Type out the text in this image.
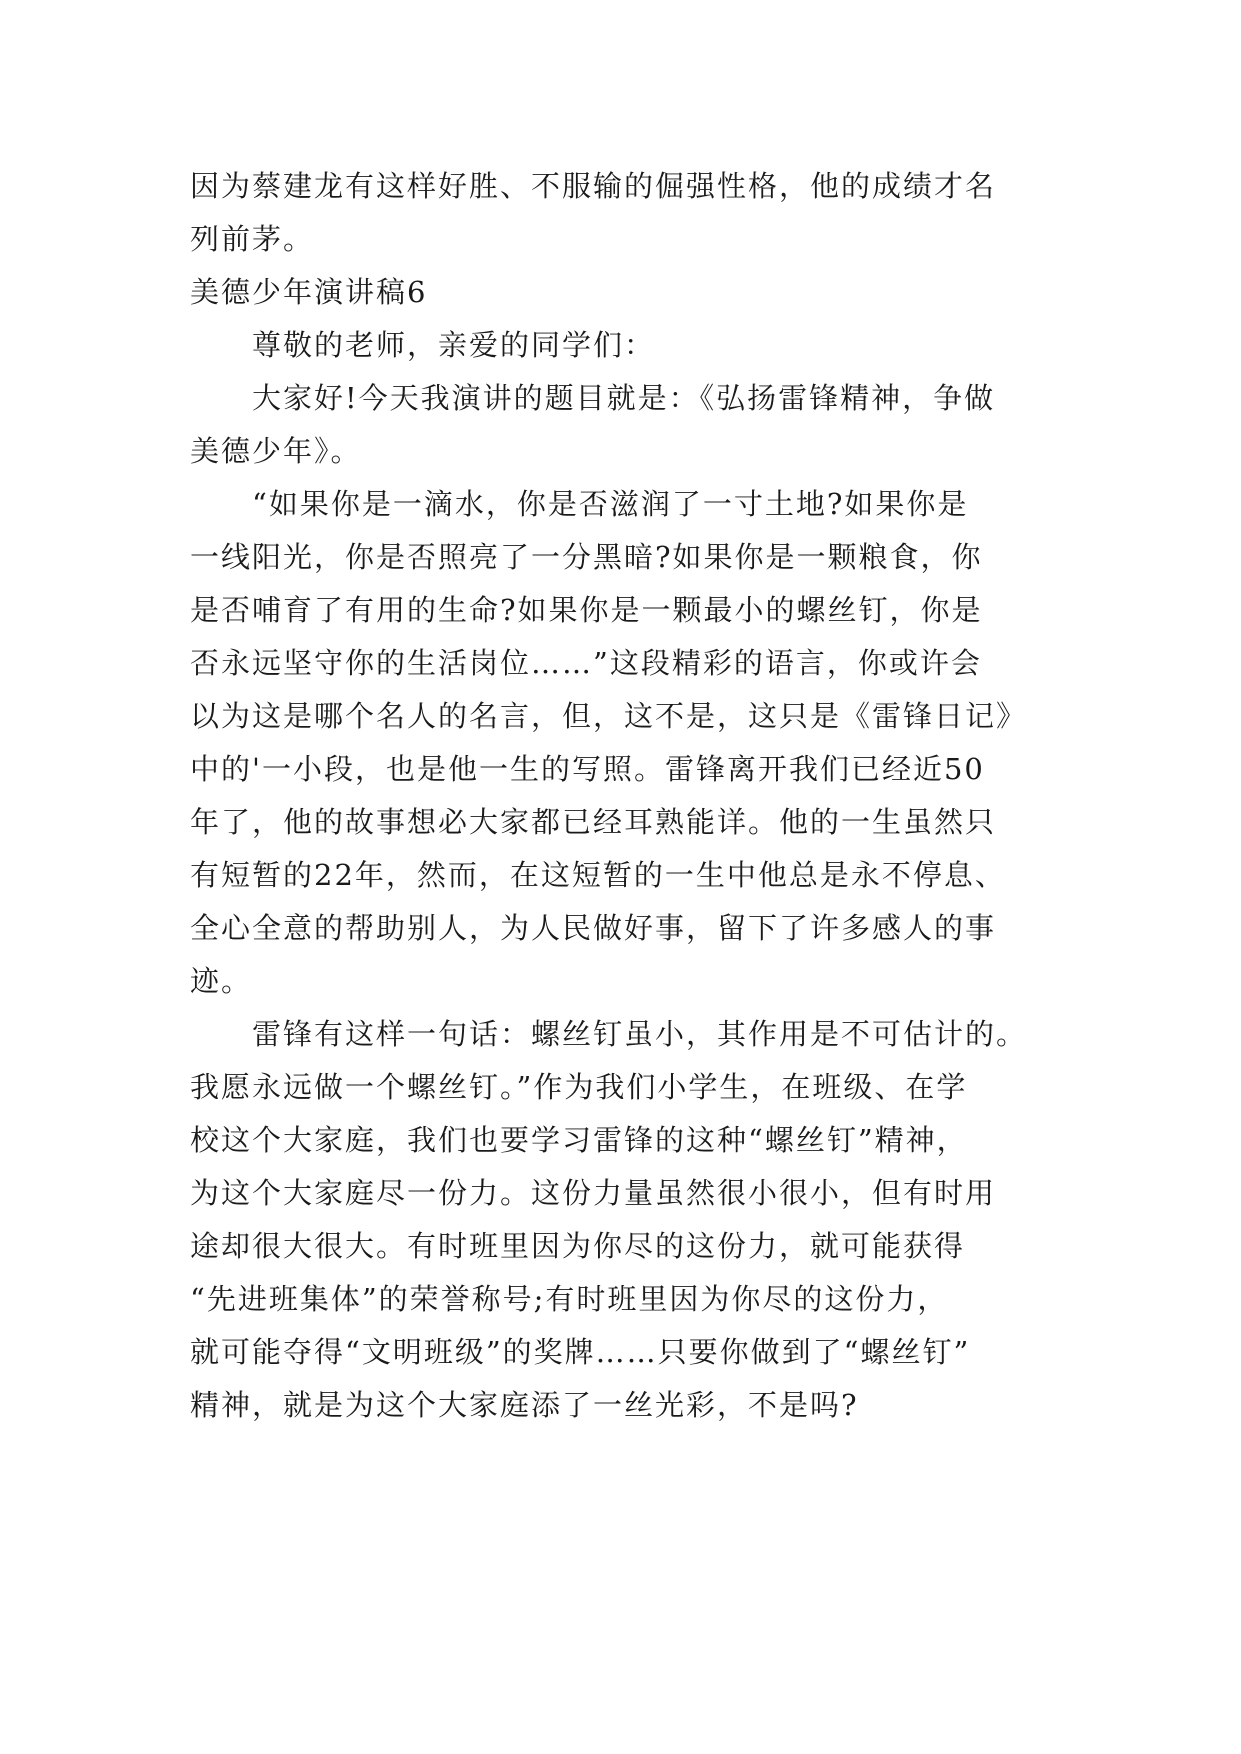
因为蔡建龙有这样好胜、不服输的倔强性格，他的成绩才名
列前茅。
美德少年演讲稿6
尊敬的老师，亲爱的同学们：
大家好!今天我演讲的题目就是：《弘扬雷锋精神，争做
美德少年》。
“如果你是一滴水，你是否滋润了一寸土地?如果你是
一线阳光，你是否照亮了一分黑暗?如果你是一颗粮食，你
是否哺育了有用的生命?如果你是一颗最小的螺丝钉，你是
否永远坚守你的生活岗位……”这段精彩的语言，你或许会
以为这是哪个名人的名言，但，这不是，这只是《雷锋日记》
中的'一小段，也是他一生的写照。雷锋离开我们已经近50
年了，他的故事想必大家都已经耳熟能详。他的一生虽然只
有短暂的22年，然而，在这短暂的一生中他总是永不停息、
全心全意的帮助别人，为人民做好事，留下了许多感人的事
迹。
雷锋有这样一句话：螺丝钉虽小，其作用是不可估计的。
我愿永远做一个螺丝钉。”作为我们小学生，在班级、在学
校这个大家庭，我们也要学习雷锋的这种“螺丝钉”精神，
为这个大家庭尽一份力。这份力量虽然很小很小，但有时用
途却很大很大。有时班里因为你尽的这份力，就可能获得
“先进班集体”的荣誉称号;有时班里因为你尽的这份力，
就可能夺得“文明班级”的奖牌……只要你做到了“螺丝钉”
精神，就是为这个大家庭添了一丝光彩，不是吗?
